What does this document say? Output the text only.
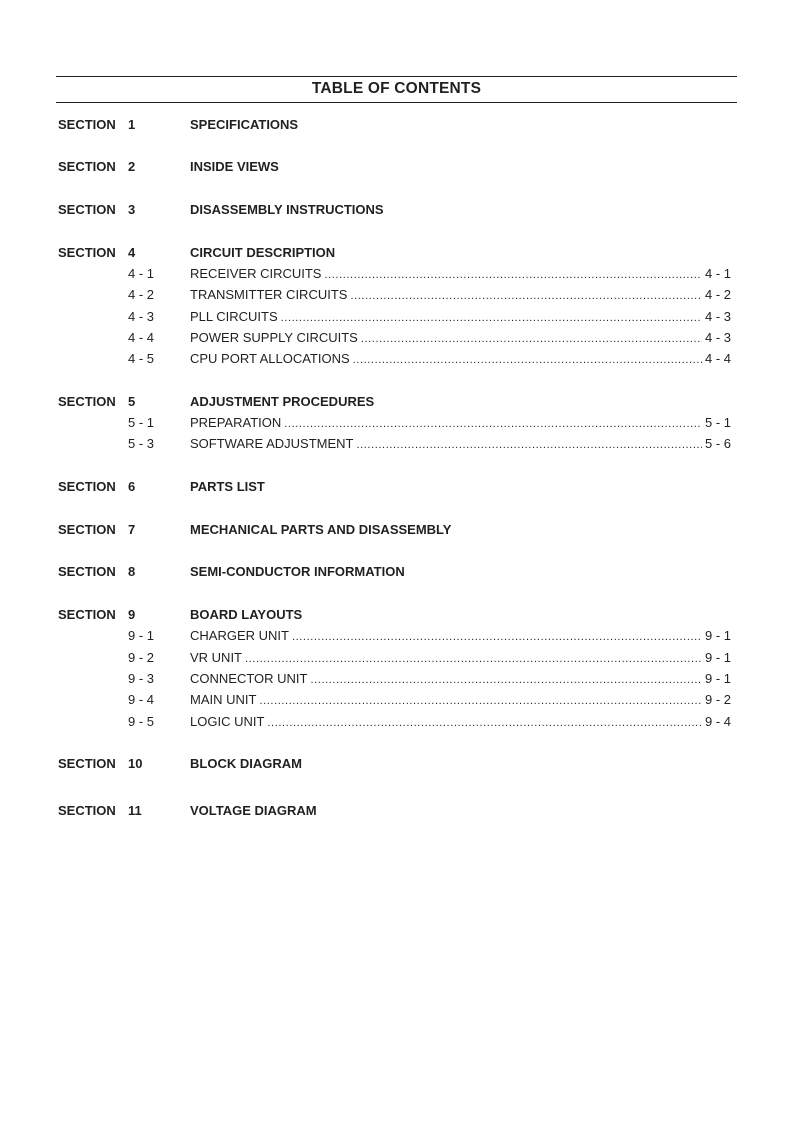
TABLE OF CONTENTS
SECTION 1	SPECIFICATIONS
SECTION 2	INSIDE VIEWS
SECTION 3	DISASSEMBLY INSTRUCTIONS
SECTION 4	CIRCUIT DESCRIPTION
4 - 1	RECEIVER CIRCUITS .....	4 - 1
4 - 2	TRANSMITTER CIRCUITS .....	4 - 2
4 - 3	PLL CIRCUITS .....	4 - 3
4 - 4	POWER SUPPLY CIRCUITS .....	4 - 3
4 - 5	CPU PORT ALLOCATIONS .....	4 - 4
SECTION 5	ADJUSTMENT PROCEDURES
5 - 1	PREPARATION .....	5 - 1
5 - 3	SOFTWARE ADJUSTMENT .....	5 - 6
SECTION 6	PARTS LIST
SECTION 7	MECHANICAL PARTS AND DISASSEMBLY
SECTION 8	SEMI-CONDUCTOR INFORMATION
SECTION 9	BOARD LAYOUTS
9 - 1	CHARGER UNIT .....	9 - 1
9 - 2	VR UNIT .....	9 - 1
9 - 3	CONNECTOR UNIT .....	9 - 1
9 - 4	MAIN UNIT .....	9 - 2
9 - 5	LOGIC UNIT .....	9 - 4
SECTION 10	BLOCK DIAGRAM
SECTION 11	VOLTAGE DIAGRAM
